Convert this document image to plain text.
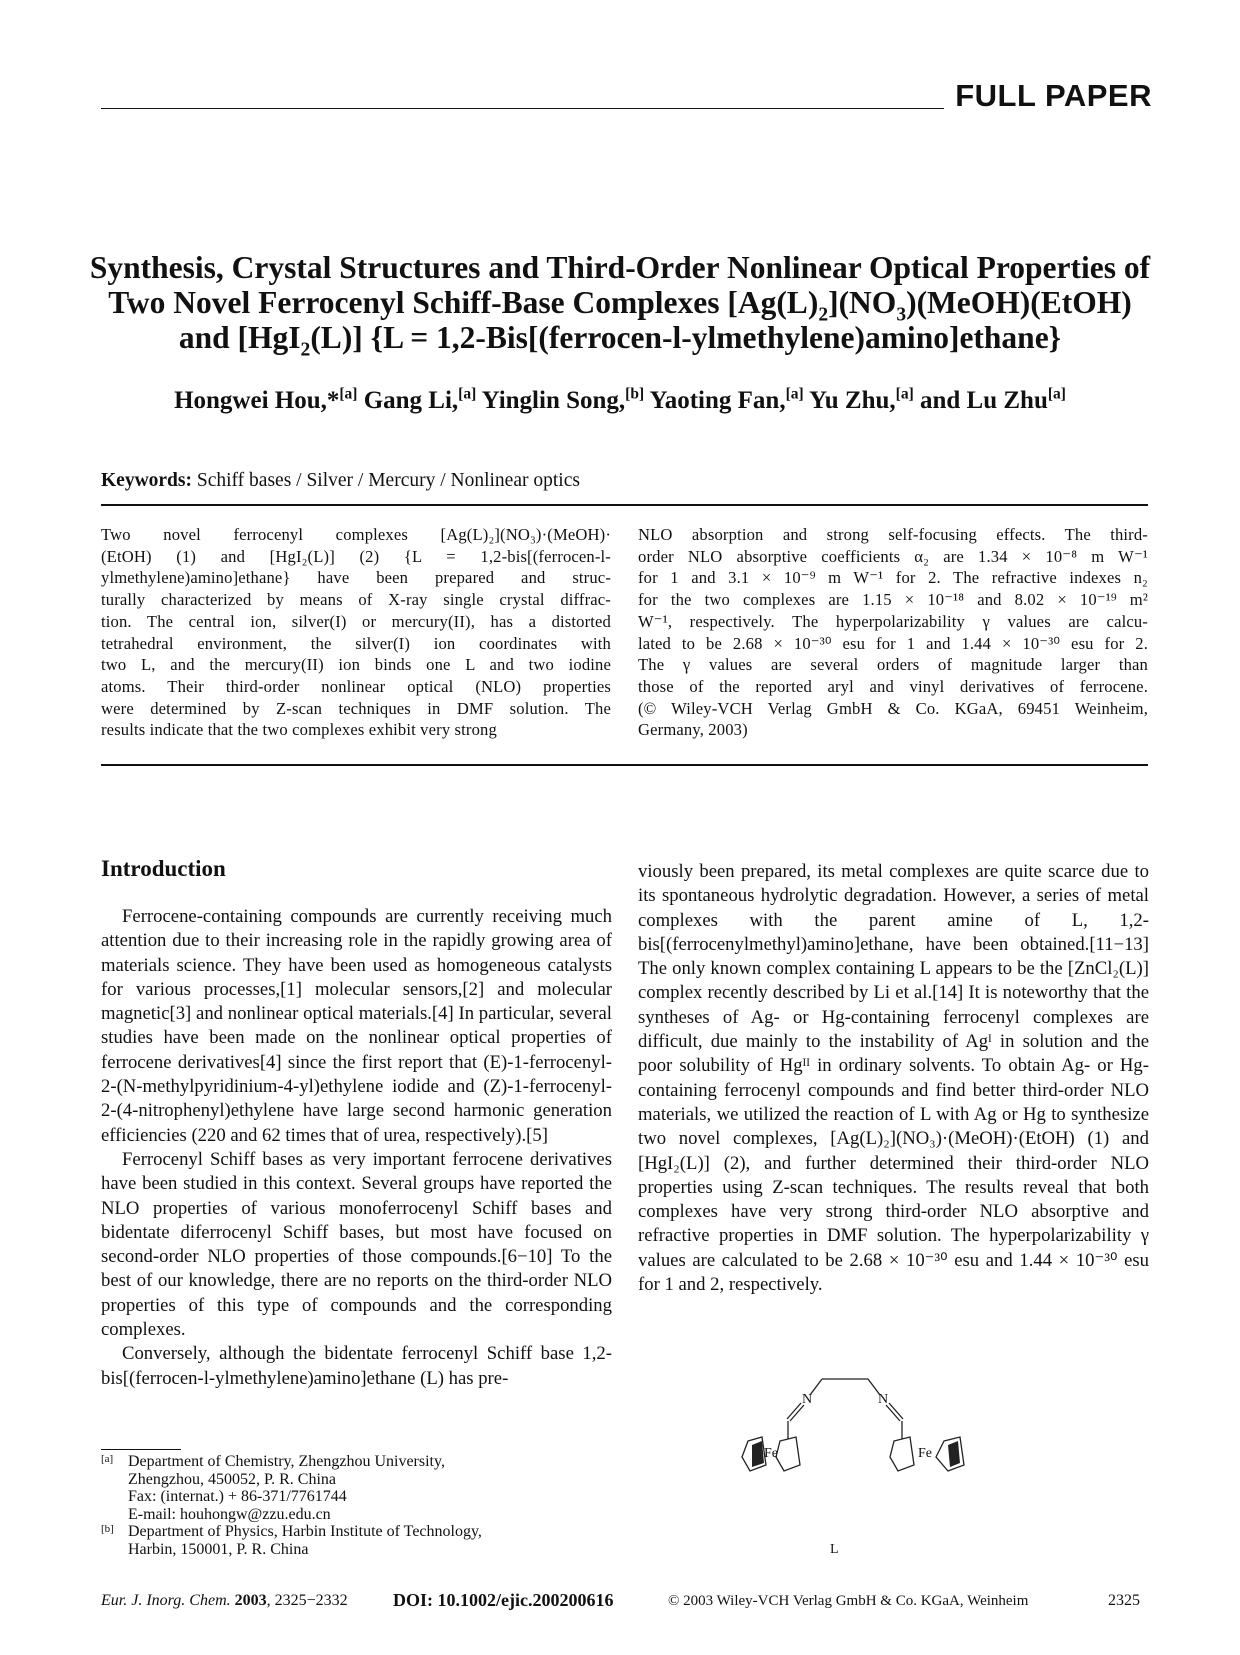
FULL PAPER
Synthesis, Crystal Structures and Third-Order Nonlinear Optical Properties of
Two Novel Ferrocenyl Schiff-Base Complexes $[Ag(L)_2](NO_3)(MeOH)(EtOH)$
and [HgI$_2$(L)] {L = 1,2-Bis[(ferrocen-l-ylmethylene)amino]ethane}
Hongwei Hou,*[a] Gang Li,[a] Yinglin Song,[b] Yaoting Fan,[a] Yu Zhu,[a] and Lu Zhu[a]
Keywords: Schiff bases / Silver / Mercury / Nonlinear optics
Two novel ferrocenyl complexes [Ag(L)₂](NO₃)·(MeOH)·
(EtOH) (1) and [HgI₂(L)] (2) {L = 1,2-bis[(ferrocen-l-
ylmethylene)amino]ethane} have been prepared and struc-
turally characterized by means of X-ray single crystal diffrac-
tion. The central ion, silver(I) or mercury(II), has a distorted
tetrahedral environment, the silver(I) ion coordinates with
two L, and the mercury(II) ion binds one L and two iodine
atoms. Their third-order nonlinear optical (NLO) properties
were determined by Z-scan techniques in DMF solution. The
results indicate that the two complexes exhibit very strong
NLO absorption and strong self-focusing effects. The third-
order NLO absorptive coefficients α₂ are 1.34 × 10⁻⁸ m W⁻¹
for 1 and 3.1 × 10⁻⁹ m W⁻¹ for 2. The refractive indexes n₂
for the two complexes are 1.15 × 10⁻¹⁸ and 8.02 × 10⁻¹⁹ m²
W⁻¹, respectively. The hyperpolarizability γ values are calcu-
lated to be 2.68 × 10⁻³⁰ esu for 1 and 1.44 × 10⁻³⁰ esu for 2.
The γ values are several orders of magnitude larger than
those of the reported aryl and vinyl derivatives of ferrocene.
(© Wiley-VCH Verlag GmbH & Co. KGaA, 69451 Weinheim,
Germany, 2003)
Introduction

Ferrocene-containing compounds are currently receiving much attention due to their increasing role in the rapidly growing area of materials science. They have been used as homogeneous catalysts for various processes,[1] molecular sensors,[2] and molecular magnetic[3] and nonlinear optical materials.[4] In particular, several studies have been made on the nonlinear optical properties of ferrocene derivatives[4] since the first report that (E)-1-ferrocenyl-2-(N-methylpyridinium-4-yl)ethylene iodide and (Z)-1-ferrocenyl-2-(4-nitrophenyl)ethylene have large second harmonic generation efficiencies (220 and 62 times that of urea, respectively).[5]

Ferrocenyl Schiff bases as very important ferrocene derivatives have been studied in this context. Several groups have reported the NLO properties of various monoferrocenyl Schiff bases and bidentate diferrocenyl Schiff bases, but most have focused on second-order NLO properties of those compounds.[6−10] To the best of our knowledge, there are no reports on the third-order NLO properties of this type of compounds and the corresponding complexes.

Conversely, although the bidentate ferrocenyl Schiff base 1,2-bis[(ferrocen-l-ylmethylene)amino]ethane (L) has pre-

viously been prepared, its metal complexes are quite scarce due to its spontaneous hydrolytic degradation. However, a series of metal complexes with the parent amine of L, 1,2-bis[(ferrocenylmethyl)amino]ethane, have been obtained.[11−13] The only known complex containing L appears to be the [ZnCl₂(L)] complex recently described by Li et al.[14] It is noteworthy that the syntheses of Ag- or Hg-containing ferrocenyl complexes are difficult, due mainly to the instability of Agᴵ in solution and the poor solubility of Hgᴵᴵ in ordinary solvents. To obtain Ag- or Hg-containing ferrocenyl compounds and find better third-order NLO materials, we utilized the reaction of L with Ag or Hg to synthesize two novel complexes, [Ag(L)₂](NO₃)·(MeOH)·(EtOH) (1) and [HgI₂(L)] (2), and further determined their third-order NLO properties using Z-scan techniques. The results reveal that both complexes have very strong third-order NLO absorptive and refractive properties in DMF solution. The hyperpolarizability γ values are calculated to be 2.68 × 10⁻³⁰ esu and 1.44 × 10⁻³⁰ esu for 1 and 2, respectively.

N	N
Fe	Fe
L
[a] Department of Chemistry, Zhengzhou University,
Zhengzhou, 450052, P. R. China
Fax: (internat.) + 86-371/7761744
E-mail: houhongw@zzu.edu.cn
[b] Department of Physics, Harbin Institute of Technology,
Harbin, 150001, P. R. China
Eur. J. Inorg. Chem. 2003, 2325−2332	DOI: 10.1002/ejic.200200616	© 2003 Wiley-VCH Verlag GmbH & Co. KGaA, Weinheim	2325
